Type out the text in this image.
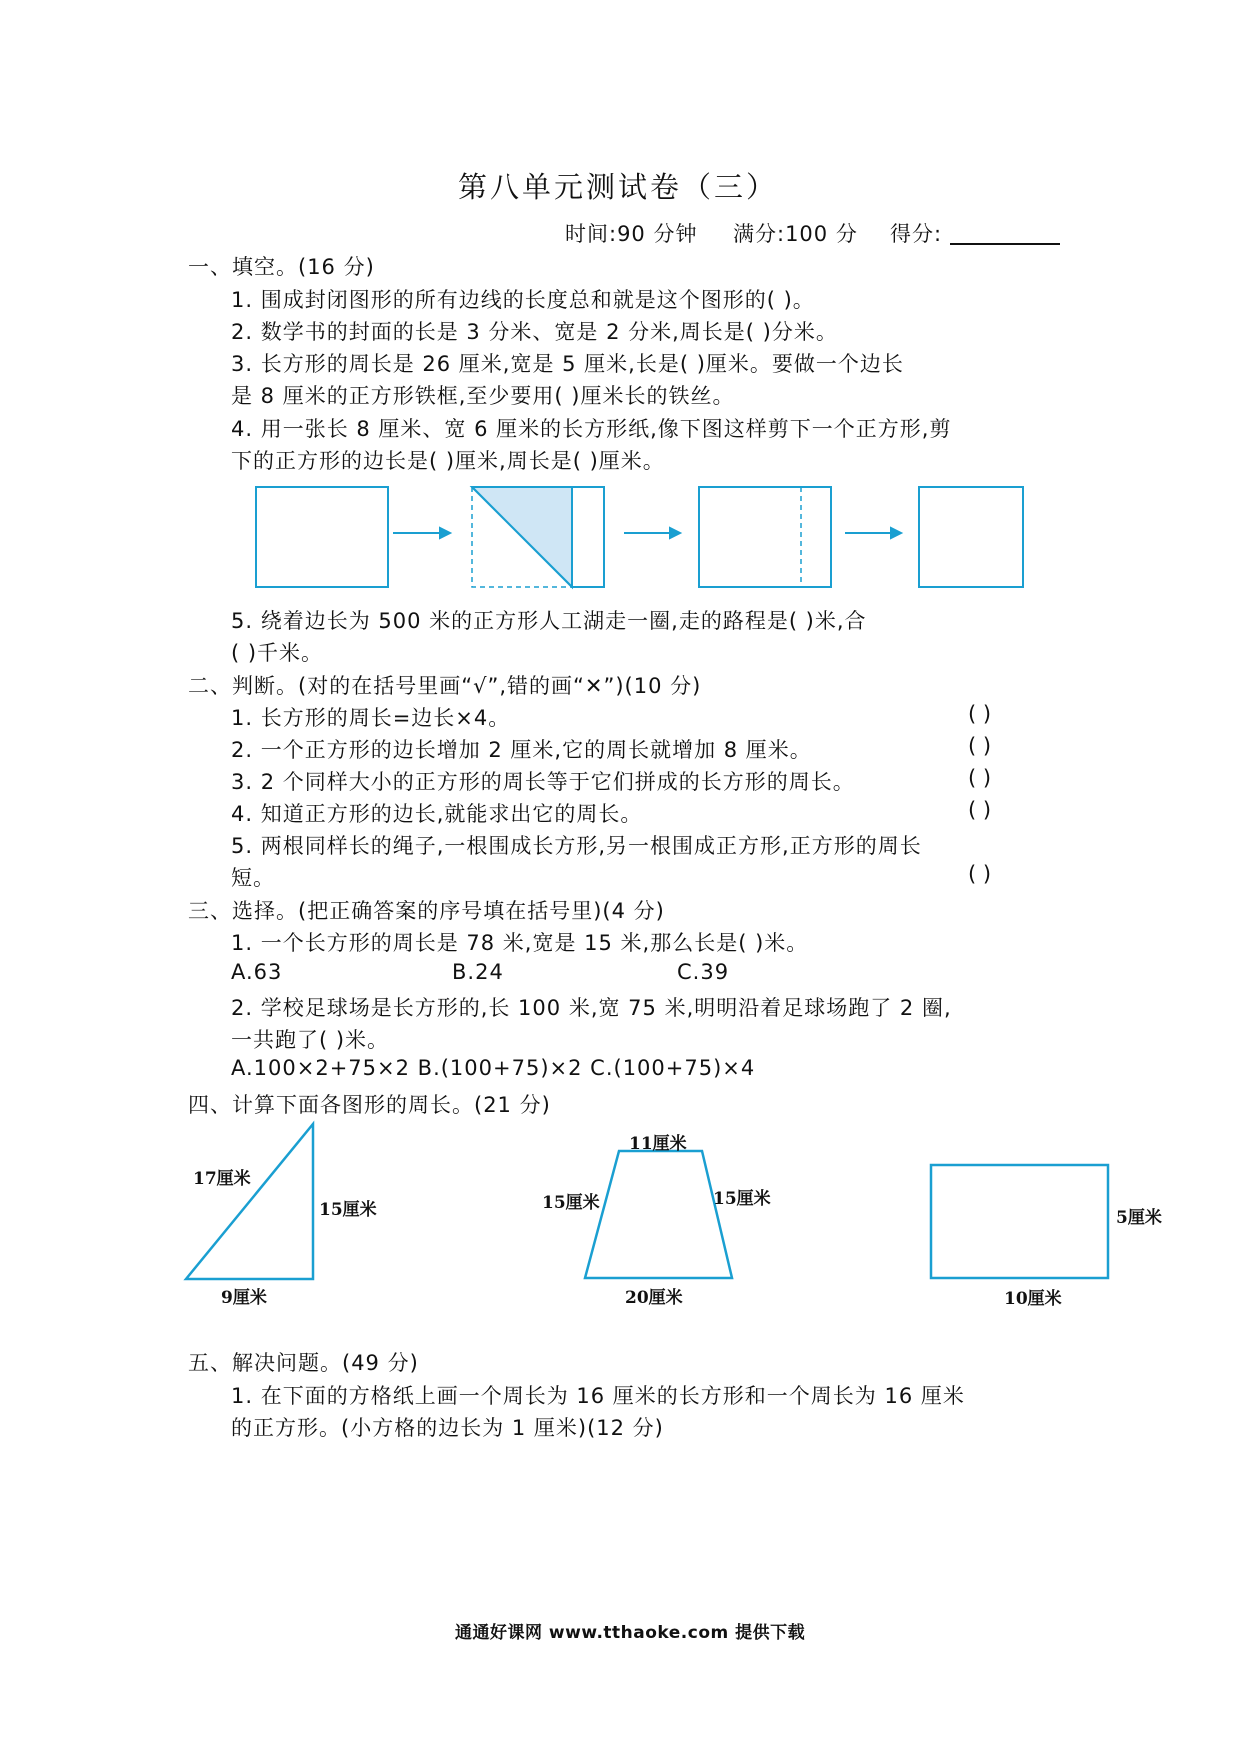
第八单元测试卷（三）
时间:90 分钟 满分:100 分 得分:
一、填空。(16 分)
1. 围成封闭图形的所有边线的长度总和就是这个图形的( )。
2. 数学书的封面的长是 3 分米、宽是 2 分米,周长是( )分米。
3. 长方形的周长是 26 厘米,宽是 5 厘米,长是( )厘米。要做一个边长
是 8 厘米的正方形铁框,至少要用( )厘米长的铁丝。
4. 用一张长 8 厘米、宽 6 厘米的长方形纸,像下图这样剪下一个正方形,剪
下的正方形的边长是( )厘米,周长是( )厘米。
5. 绕着边长为 500 米的正方形人工湖走一圈,走的路程是( )米,合
( )千米。
二、判断。(对的在括号里画“√”,错的画“✕”)(10 分)
1. 长方形的周长=边长×4。	( )
2. 一个正方形的边长增加 2 厘米,它的周长就增加 8 厘米。	( )
3. 2 个同样大小的正方形的周长等于它们拼成的长方形的周长。	( )
4. 知道正方形的边长,就能求出它的周长。	( )
5. 两根同样长的绳子,一根围成长方形,另一根围成正方形,正方形的周长
短。	( )
三、选择。(把正确答案的序号填在括号里)(4 分)
1. 一个长方形的周长是 78 米,宽是 15 米,那么长是( )米。
A.63	B.24	C.39
2. 学校足球场是长方形的,长 100 米,宽 75 米,明明沿着足球场跑了 2 圈,
一共跑了( )米。
A.100×2+75×2 B.(100+75)×2 C.(100+75)×4
四、计算下面各图形的周长。(21 分)
17厘米
15厘米
9厘米
11厘米
15厘米	15厘米
20厘米
5厘米
10厘米
五、解决问题。(49 分)
1. 在下面的方格纸上画一个周长为 16 厘米的长方形和一个周长为 16 厘米
的正方形。(小方格的边长为 1 厘米)(12 分)
通通好课网 www.tthaoke.com 提供下载
